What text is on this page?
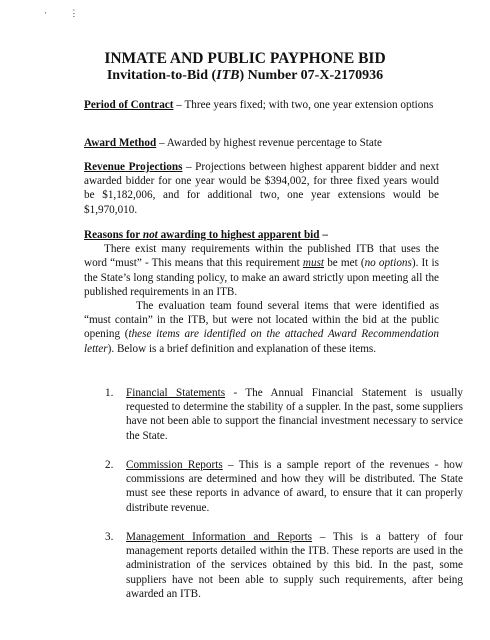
⋅ ⋮
INMATE AND PUBLIC PAYPHONE BID
Invitation-to-Bid (ITB) Number 07-X-2170936
Period of Contract – Three years fixed; with two, one year extension options
Award Method – Awarded by highest revenue percentage to State
Revenue Projections – Projections between highest apparent bidder and next awarded bidder for one year would be $394,002, for three fixed years would be $1,182,006, and for additional two, one year extensions would be $1,970,010.
Reasons for not awarding to highest apparent bid –

There exist many requirements within the published ITB that uses the word “must” - This means that this requirement must be met (no options). It is the State’s long standing policy, to make an award strictly upon meeting all the published requirements in an ITB.

The evaluation team found several items that were identified as “must contain” in the ITB, but were not located within the bid at the public opening (these items are identified on the attached Award Recommendation letter). Below is a brief definition and explanation of these items.

1. Financial Statements - The Annual Financial Statement is usually requested to determine the stability of a suppler. In the past, some suppliers have not been able to support the financial investment necessary to service the State.
2. Commission Reports – This is a sample report of the revenues - how commissions are determined and how they will be distributed. The State must see these reports in advance of award, to ensure that it can properly distribute revenue.
3. Management Information and Reports – This is a battery of four management reports detailed within the ITB. These reports are used in the administration of the services obtained by this bid. In the past, some suppliers have not been able to supply such requirements, after being awarded an ITB.
